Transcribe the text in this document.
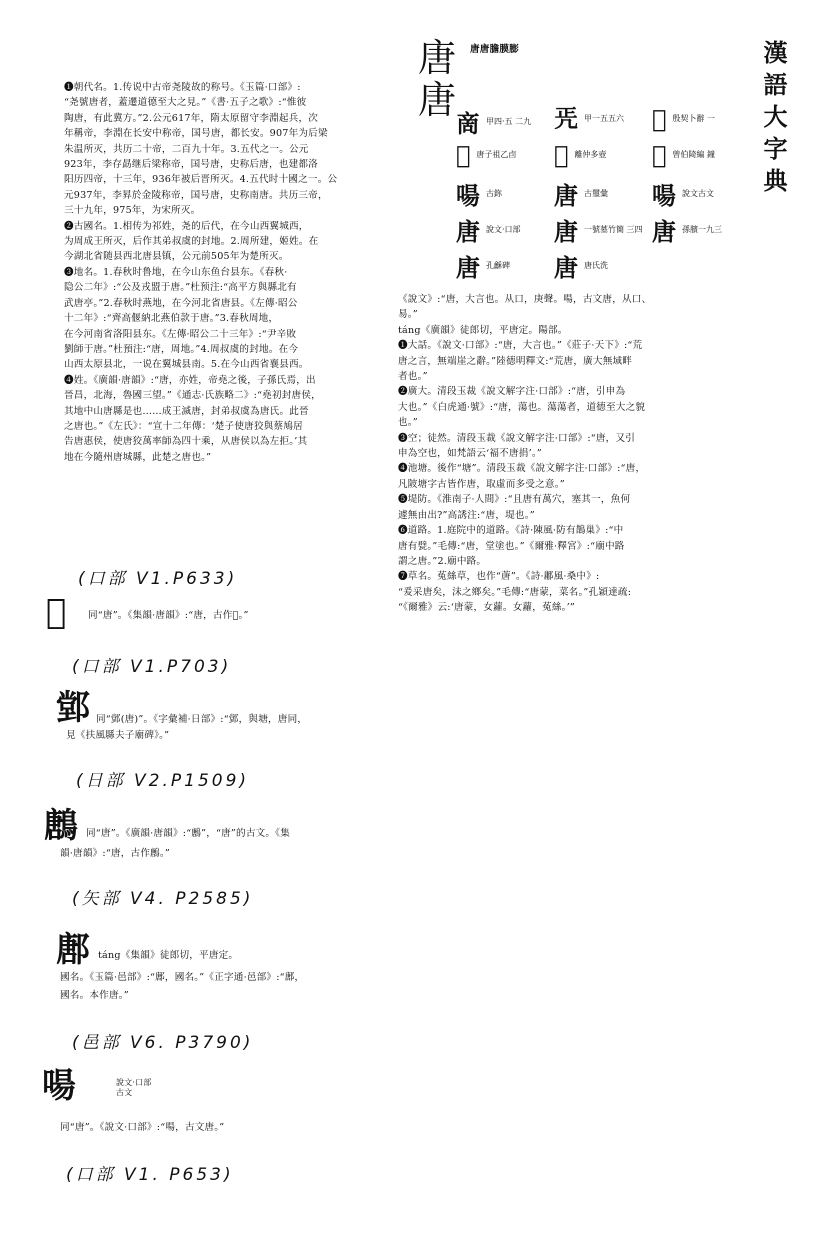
漢語大字典
唐唐膽膜膨
❶朝代名。1.传说中古帝尧陵故的称号。《玉篇·口部》:
“尧號唐者，蓋遷道德至大之見。”《書·五子之歌》:“惟彼
陶唐，有此冀方。”2.公元617年，隋太原留守李淵起兵，次
年稱帝，李淵在长安中称帝，国号唐，都长安。907年为后梁
朱温所灭，共历二十帝，二百九十年。3.五代之一。公元
923年，李存勗继后梁称帝，国号唐，史称后唐，也建都洛
阳历四帝，十三年，936年被后晋所灭。4.五代时十國之一。公
元937年，李昪於金陵称帝，国号唐，史称南唐。共历三帝，
三十九年，975年，为宋所灭。
❷古國名。1.相传为祁姓，尧的后代，在今山西翼城西，
为周成王所灭，后作其弟叔虞的封地。2.周所建，姬姓。在
今湖北省随县西北唐县镇，公元前505年为楚所灭。
❸地名。1.春秋时鲁地，在今山东鱼台县东。《春秋·
隐公二年》:“公及戎盟于唐。”杜预注:“高平方與縣北有
武唐亭。”2.春秋时燕地，在今河北省唐县。《左傳·昭公
十二年》:“齊高偃納北燕伯款于唐。”3.春秋周地，
在今河南省洛阳县东。《左傳·昭公二十三年》:“尹辛敗
劉師于唐。”杜預注:“唐，周地。”4.周叔虞的封地。在今
山西太原县北，一说在翼城县南。5.在今山西省襄县西。
❹姓。《廣韻·唐韻》:“唐，亦姓，帝堯之後，子孫氏焉，出
晉昌，北海，魯國三望。”《通志·氏族略二》:“堯初封唐侯，
其地中山唐縣是也……成王滅唐，封弟叔虞為唐氏。此晉
之唐也。”《左氏》：“宣十二年傳：‘楚子使唐狡與蔡鳩居
告唐惠侯，使唐狡萬率師為四十乘，从唐侯以為左拒。’其
地在今隨州唐城縣，此楚之唐也。”
(口部 V1.P633)
𢉊 同“唐”。《集韻·唐韻》:“唐，古作𢉊。”
(口部 V1.P703)
䣘 同“䣘(唐)”。《字彙補·日部》:“䣘，與塘，唐同，
見《扶風縣夫子廟碑》。”
(日部 V2.P1509)
鶶 同“唐”。《廣韻·唐韻》:“鶶”，“唐”的古文。《集
韻·唐韻》:“唐，古作鶶。”
(矢部 V4. P2585)
鄌 táng《集韻》徒郎切，平唐定。
國名。《玉篇·邑部》:“鄌，國名。”《正字通·邑部》:“鄌，
國名。本作唐。”
(邑部 V6. P3790)
啺	說文·口部 古文
同“唐”。《說文·口部》:“啺，古文唐。”
(口部 V1. P653)
唐
唐
啇 甲四·五 二九 𠙁 甲一五五六 𢉊 殷契卜辭 一
𢉊 唐子祖乙卣 𢉊 離仲多壺 𢉊 曾伯陭編 鐘
啺 古鉨 唐 古璽彙 啺 說文古文
唐 說文·口部 唐 一號墓竹簡 三四 唐 孫臏一九三
唐 孔龢碑 唐 唐氏洗
《說文》:“唐，大言也。从口，庚聲。啺，古文唐，从口、
易。”
táng《廣韻》徒郎切，平唐定。陽部。
❶大話。《說文·口部》:“唐，大言也。”《莊子·天下》:“荒
唐之言，無端崖之辭。”陸德明釋文:“荒唐，廣大無域畔
者也。”
❷廣大。清段玉裁《說文解字注·口部》:“唐，引申為
大也。”《白虎通·號》:“唐，蕩也。蕩蕩者，道德至大之貌
也。”
❸空；徒然。清段玉裁《說文解字注·口部》:“唐，又引
申為空也，如梵語云‘福不唐捐’。”
❹池塘。後作“塘”。清段玉裁《說文解字注·口部》:“唐，
凡陂塘字古皆作唐，取虛而多受之意。”
❺堤防。《淮南子·人間》:“且唐有萬穴，塞其一，魚何
遽無由出?”高誘注:“唐，堤也。”
❻道路。1.庭院中的道路。《詩·陳風·防有鵲巢》:“中
唐有甓。”毛傳:“唐，堂塗也。”《爾雅·釋宮》:“廟中路
謂之唐。”2.廟中路。
❼草名。菟絲草，也作“蓎”。《詩·鄘風·桑中》:
“爰采唐矣，沬之鄉矣。”毛傳:“唐蒙，菜名。”孔穎達疏:
“《爾雅》云:‘唐蒙，女蘿。女蘿，菟絲。’”
